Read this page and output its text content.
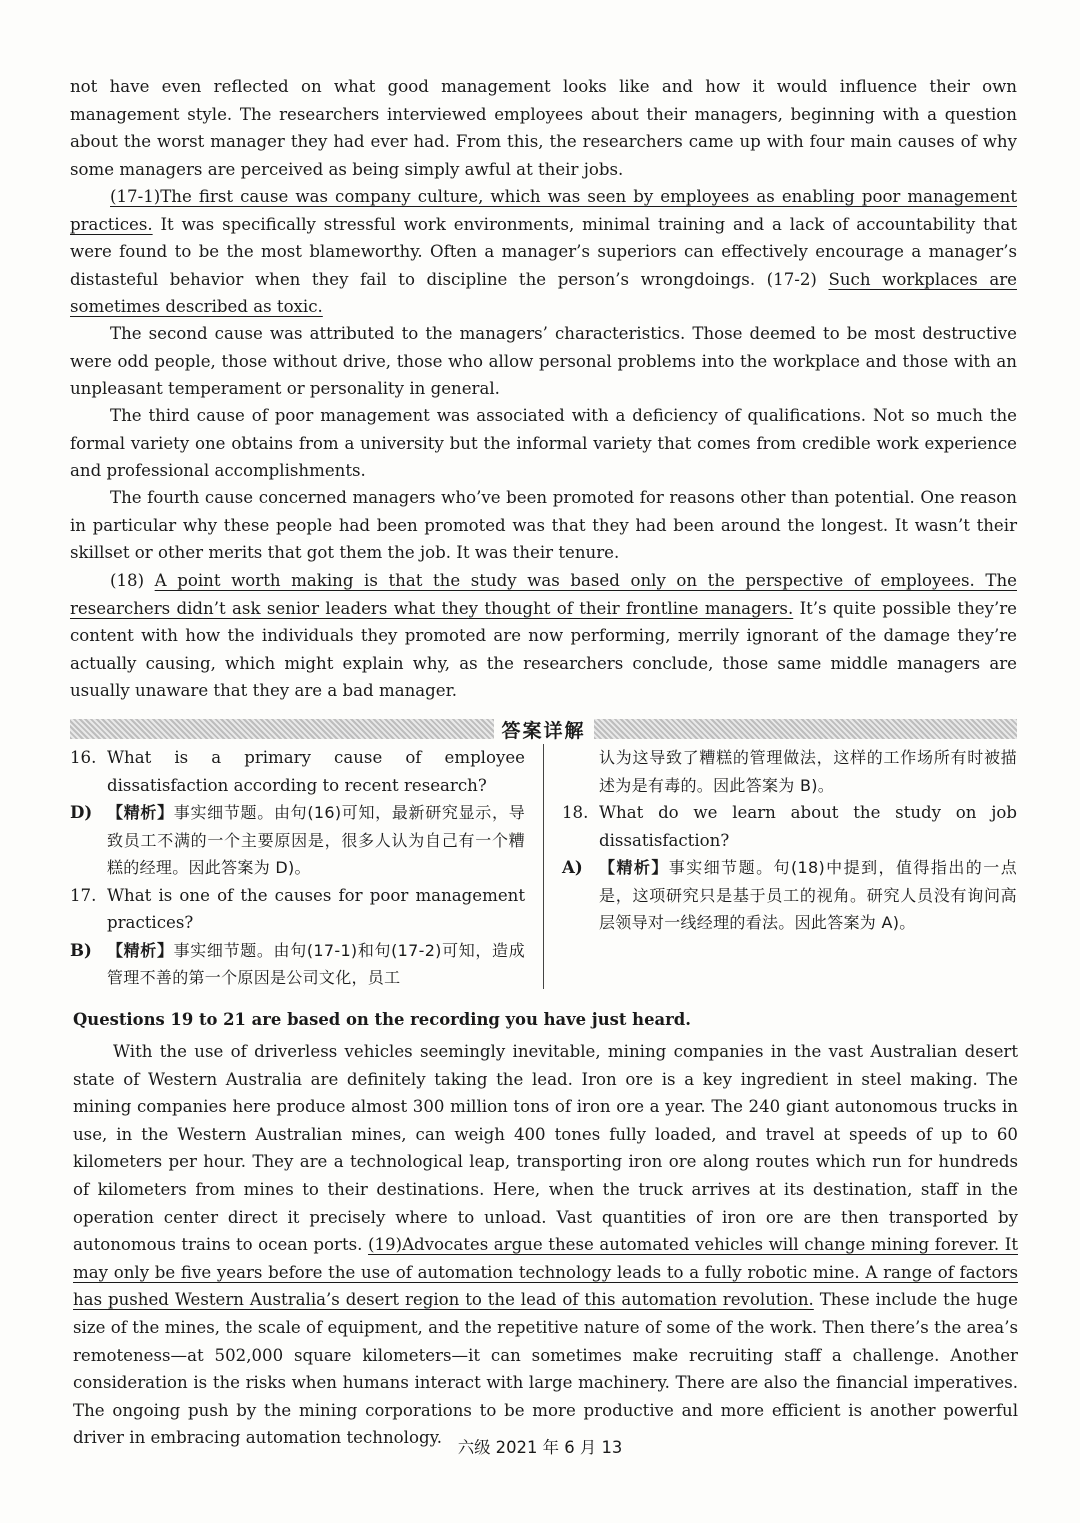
not have even reflected on what good management looks like and how it would influence their own management style. The researchers interviewed employees about their managers, beginning with a question about the worst manager they had ever had. From this, the researchers came up with four main causes of why some managers are perceived as being simply awful at their jobs.

(17-1)The first cause was company culture, which was seen by employees as enabling poor management practices. It was specifically stressful work environments, minimal training and a lack of accountability that were found to be the most blameworthy. Often a manager’s superiors can effectively encourage a manager’s distasteful behavior when they fail to discipline the person’s wrongdoings. (17-2) Such workplaces are sometimes described as toxic.

The second cause was attributed to the managers’ characteristics. Those deemed to be most destructive were odd people, those without drive, those who allow personal problems into the workplace and those with an unpleasant temperament or personality in general.

The third cause of poor management was associated with a deficiency of qualifications. Not so much the formal variety one obtains from a university but the informal variety that comes from credible work experience and professional accomplishments.

The fourth cause concerned managers who’ve been promoted for reasons other than potential. One reason in particular why these people had been promoted was that they had been around the longest. It wasn’t their skillset or other merits that got them the job. It was their tenure.

(18) A point worth making is that the study was based only on the perspective of employees. The researchers didn’t ask senior leaders what they thought of their frontline managers. It’s quite possible they’re content with how the individuals they promoted are now performing, merrily ignorant of the damage they’re actually causing, which might explain why, as the researchers conclude, those same middle managers are usually unaware that they are a bad manager.

答案详解
16. What is a primary cause of employee dissatisfaction according to recent research?
D) 【精析】事实细节题。由句(16)可知，最新研究显示，导致员工不满的一个主要原因是，很多人认为自己有一个糟糕的经理。因此答案为 D)。
17. What is one of the causes for poor management practices?
B) 【精析】事实细节题。由句(17-1)和句(17-2)可知，造成管理不善的第一个原因是公司文化，员工

认为这导致了糟糕的管理做法，这样的工作场所有时被描述为是有毒的。因此答案为 B)。

18. What do we learn about the study on job dissatisfaction?
A)	【精析】事实细节题。句(18)中提到，值得指出的一点是，这项研究只是基于员工的视角。研究人员没有询问高层领导对一线经理的看法。因此答案为 A)。

Questions 19 to 21 are based on the recording you have just heard.

With the use of driverless vehicles seemingly inevitable, mining companies in the vast Australian desert state of Western Australia are definitely taking the lead. Iron ore is a key ingredient in steel making. The mining companies here produce almost 300 million tons of iron ore a year. The 240 giant autonomous trucks in use, in the Western Australian mines, can weigh 400 tones fully loaded, and travel at speeds of up to 60 kilometers per hour. They are a technological leap, transporting iron ore along routes which run for hundreds of kilometers from mines to their destinations. Here, when the truck arrives at its destination, staff in the operation center direct it precisely where to unload. Vast quantities of iron ore are then transported by autonomous trains to ocean ports. (19)Advocates argue these automated vehicles will change mining forever. It may only be five years before the use of automation technology leads to a fully robotic mine. A range of factors has pushed Western Australia’s desert region to the lead of this automation revolution. These include the huge size of the mines, the scale of equipment, and the repetitive nature of some of the work. Then there’s the area’s remoteness—at 502,000 square kilometers—it can sometimes make recruiting staff a challenge. Another consideration is the risks when humans interact with large machinery. There are also the financial imperatives. The ongoing push by the mining corporations to be more productive and more efficient is another powerful driver in embracing automation technology.

六级 2021 年 6 月 13
